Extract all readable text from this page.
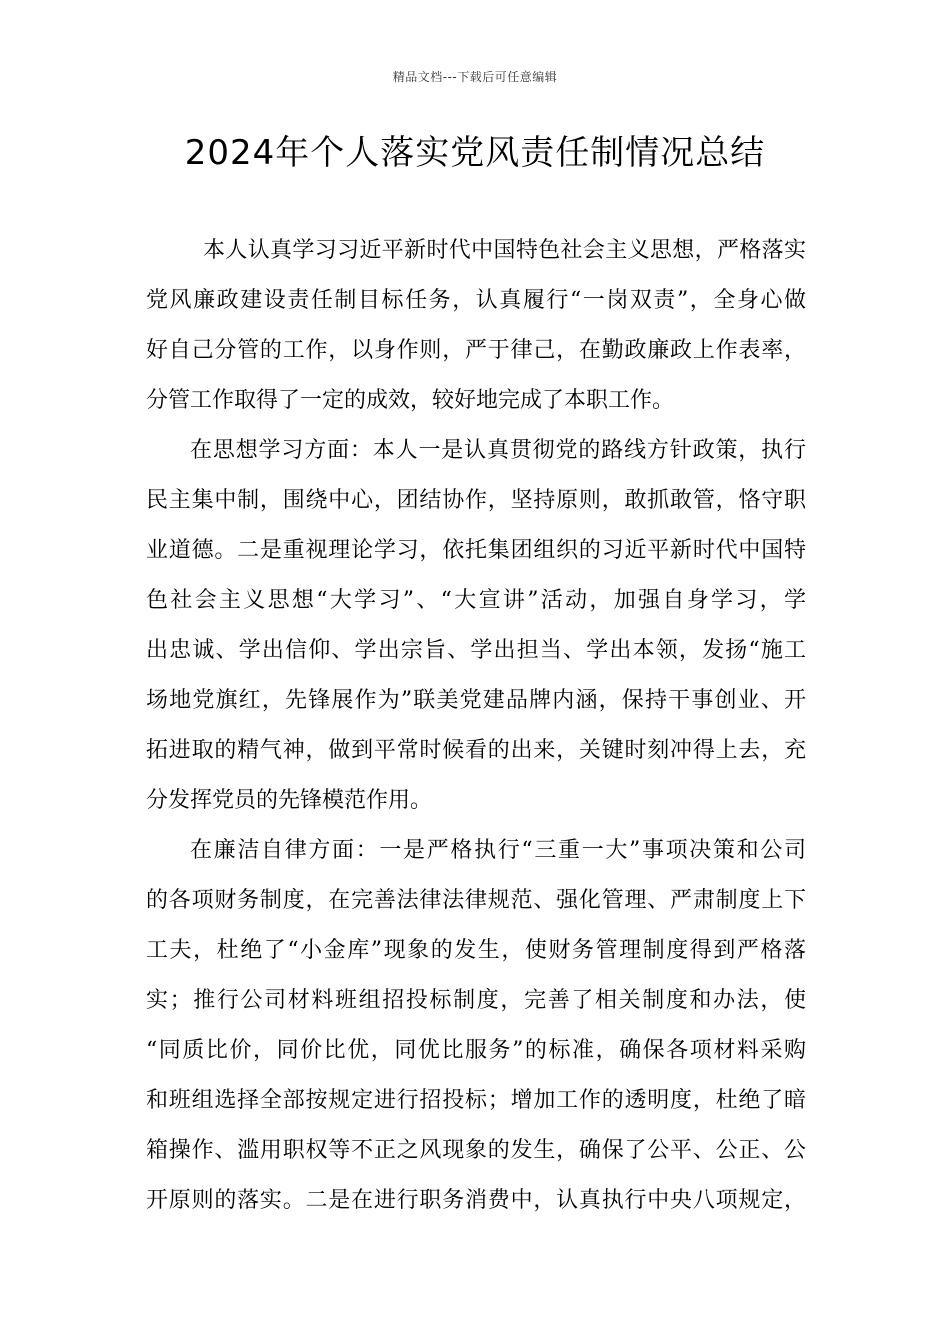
精品文档---下载后可任意编辑
2024年个人落实党风责任制情况总结
本人认真学习习近平新时代中国特色社会主义思想，严格落实
党风廉政建设责任制目标任务，认真履行“一岗双责”，全身心做
好自己分管的工作，以身作则，严于律己，在勤政廉政上作表率，
分管工作取得了一定的成效，较好地完成了本职工作。
在思想学习方面：本人一是认真贯彻党的路线方针政策，执行
民主集中制，围绕中心，团结协作，坚持原则，敢抓敢管，恪守职
业道德。二是重视理论学习，依托集团组织的习近平新时代中国特
色社会主义思想“大学习”、“大宣讲”活动，加强自身学习，学
出忠诚、学出信仰、学出宗旨、学出担当、学出本领，发扬“施工
场地党旗红，先锋展作为”联美党建品牌内涵，保持干事创业、开
拓进取的精气神，做到平常时候看的出来，关键时刻冲得上去，充
分发挥党员的先锋模范作用。
在廉洁自律方面：一是严格执行“三重一大”事项决策和公司
的各项财务制度，在完善法律法律规范、强化管理、严肃制度上下
工夫，杜绝了“小金库”现象的发生，使财务管理制度得到严格落
实；推行公司材料班组招投标制度，完善了相关制度和办法，使
“同质比价，同价比优，同优比服务”的标准，确保各项材料采购
和班组选择全部按规定进行招投标；增加工作的透明度，杜绝了暗
箱操作、滥用职权等不正之风现象的发生，确保了公平、公正、公
开原则的落实。二是在进行职务消费中，认真执行中央八项规定，
